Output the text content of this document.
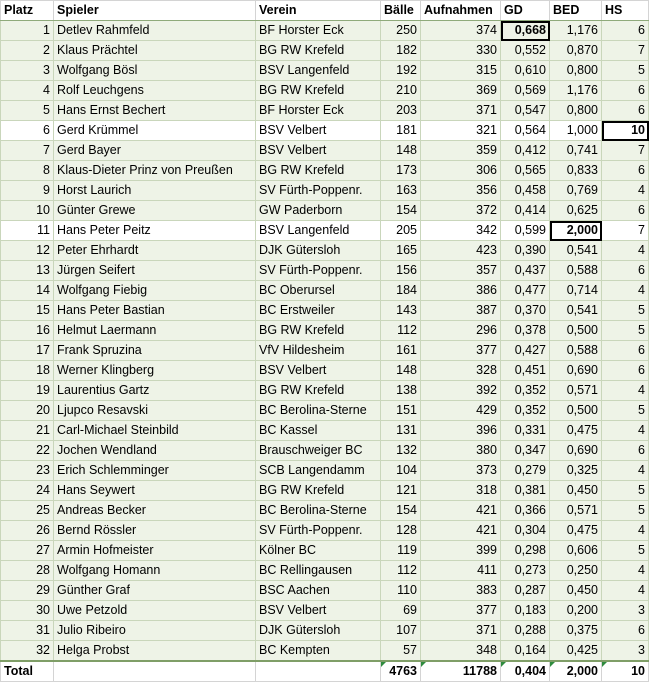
Platz	Spieler	Verein	Bälle	Aufnahmen	GD	BED	HS
1	Detlev Rahmfeld	BF Horster Eck	250	374	0,668	1,176	6
2	Klaus Prächtel	BG RW Krefeld	182	330	0,552	0,870	7
3	Wolfgang Bösl	BSV Langenfeld	192	315	0,610	0,800	5
4	Rolf Leuchgens	BG RW Krefeld	210	369	0,569	1,176	6
5	Hans Ernst Bechert	BF Horster Eck	203	371	0,547	0,800	6
6	Gerd Krümmel	BSV Velbert	181	321	0,564	1,000	10
7	Gerd Bayer	BSV Velbert	148	359	0,412	0,741	7
8	Klaus-Dieter Prinz von Preußen	BG RW Krefeld	173	306	0,565	0,833	6
9	Horst Laurich	SV Fürth-Poppenr.	163	356	0,458	0,769	4
10	Günter Grewe	GW Paderborn	154	372	0,414	0,625	6
11	Hans Peter Peitz	BSV Langenfeld	205	342	0,599	2,000	7
12	Peter Ehrhardt	DJK Gütersloh	165	423	0,390	0,541	4
13	Jürgen Seifert	SV Fürth-Poppenr.	156	357	0,437	0,588	6
14	Wolfgang Fiebig	BC Oberursel	184	386	0,477	0,714	4
15	Hans Peter Bastian	BC Erstweiler	143	387	0,370	0,541	5
16	Helmut Laermann	BG RW Krefeld	112	296	0,378	0,500	5
17	Frank Spruzina	VfV Hildesheim	161	377	0,427	0,588	6
18	Werner Klingberg	BSV Velbert	148	328	0,451	0,690	6
19	Laurentius Gartz	BG RW Krefeld	138	392	0,352	0,571	4
20	Ljupco Resavski	BC Berolina-Sterne	151	429	0,352	0,500	5
21	Carl-Michael Steinbild	BC Kassel	131	396	0,331	0,475	4
22	Jochen Wendland	Brauschweiger BC	132	380	0,347	0,690	6
23	Erich Schlemminger	SCB Langendamm	104	373	0,279	0,325	4
24	Hans Seywert	BG RW Krefeld	121	318	0,381	0,450	5
25	Andreas Becker	BC Berolina-Sterne	154	421	0,366	0,571	5
26	Bernd Rössler	SV Fürth-Poppenr.	128	421	0,304	0,475	4
27	Armin Hofmeister	Kölner BC	119	399	0,298	0,606	5
28	Wolfgang Homann	BC Rellingausen	112	411	0,273	0,250	4
29	Günther Graf	BSC Aachen	110	383	0,287	0,450	4
30	Uwe Petzold	BSV Velbert	69	377	0,183	0,200	3
31	Julio Ribeiro	DJK Gütersloh	107	371	0,288	0,375	6
32	Helga Probst	BC Kempten	57	348	0,164	0,425	3
Total			4763	11788	0,404	2,000	10
